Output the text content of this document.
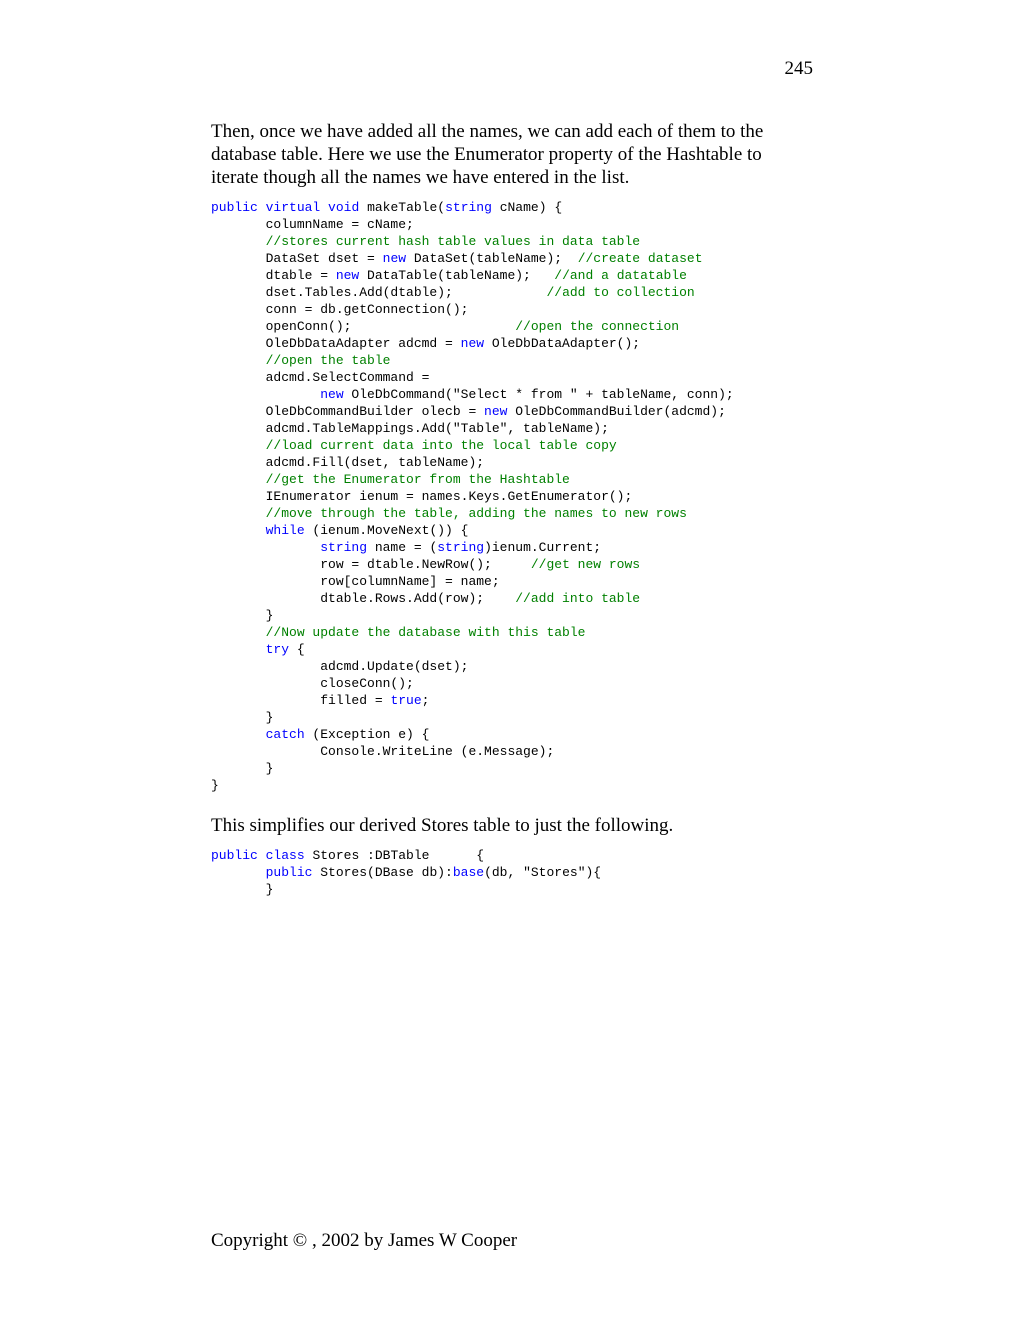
245

Then, once we have added all the names, we can add each of them to the
database table. Here we use the Enumerator property of the Hashtable to
iterate though all the names we have entered in the list.

public virtual void makeTable(string cName) {
columnName = cName;
//stores current hash table values in data table
DataSet dset = new DataSet(tableName);  //create dataset
dtable = new DataTable(tableName);   //and a datatable
dset.Tables.Add(dtable);            //add to collection
conn = db.getConnection();
openConn();                     //open the connection
OleDbDataAdapter adcmd = new OleDbDataAdapter();
//open the table
adcmd.SelectCommand =
new OleDbCommand("Select * from " + tableName, conn);
OleDbCommandBuilder olecb = new OleDbCommandBuilder(adcmd);
adcmd.TableMappings.Add("Table", tableName);
//load current data into the local table copy
adcmd.Fill(dset, tableName);
//get the Enumerator from the Hashtable
IEnumerator ienum = names.Keys.GetEnumerator();
//move through the table, adding the names to new rows
while (ienum.MoveNext()) {
string name = (string)ienum.Current;
row = dtable.NewRow();     //get new rows
row[columnName] = name;
dtable.Rows.Add(row);    //add into table
}
//Now update the database with this table
try {
adcmd.Update(dset);
closeConn();
filled = true;
}
catch (Exception e) {
Console.WriteLine (e.Message);
}
}

This simplifies our derived Stores table to just the following.

public class Stores :DBTable      {
public Stores(DBase db):base(db, "Stores"){
}
Copyright © , 2002 by James W Cooper
